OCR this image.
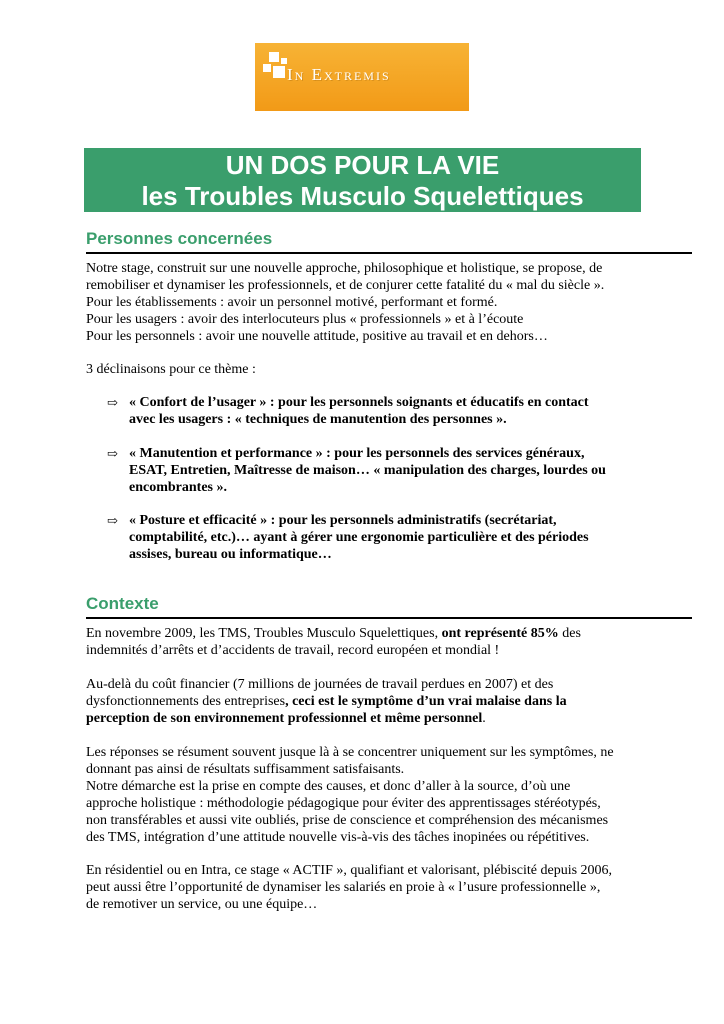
In Extremis
UN DOS POUR LA VIE
les Troubles Musculo Squelettiques
Personnes concernées

Notre stage, construit sur une nouvelle approche, philosophique et holistique, se propose, de

remobiliser et dynamiser les professionnels, et de conjurer cette fatalité du « mal du siècle ».

Pour les établissements : avoir un personnel motivé, performant et formé.

Pour les usagers : avoir des interlocuteurs plus « professionnels » et à l’écoute

Pour les personnels : avoir une nouvelle attitude, positive au travail et en dehors…

3 déclinaisons pour ce thème :

⇨ « Confort de l’usager » : pour les personnels soignants et éducatifs en contact

avec les usagers : « techniques de manutention des personnes ».

⇨ « Manutention et performance » : pour les personnels des services généraux,

ESAT, Entretien, Maîtresse de maison… « manipulation des charges, lourdes ou

encombrantes ».

⇨ « Posture et efficacité » : pour les personnels administratifs (secrétariat,

comptabilité, etc.)… ayant à gérer une ergonomie particulière et des périodes

assises, bureau ou informatique…

Contexte

En novembre 2009, les TMS, Troubles Musculo Squelettiques, ont représenté 85% des

indemnités d’arrêts et d’accidents de travail, record européen et mondial !

Au-delà du coût financier (7 millions de journées de travail perdues en 2007) et des

dysfonctionnements des entreprises, ceci est le symptôme d’un vrai malaise dans la

perception de son environnement professionnel et même personnel.

Les réponses se résument souvent jusque là à se concentrer uniquement sur les symptômes, ne

donnant pas ainsi de résultats suffisamment satisfaisants.

Notre démarche est la prise en compte des causes, et donc d’aller à la source, d’où une

approche holistique : méthodologie pédagogique pour éviter des apprentissages stéréotypés,

non transférables et aussi vite oubliés, prise de conscience et compréhension des mécanismes

des TMS, intégration d’une attitude nouvelle vis-à-vis des tâches inopinées ou répétitives.

En résidentiel ou en Intra, ce stage « ACTIF », qualifiant et valorisant, plébiscité depuis 2006,

peut aussi être l’opportunité de dynamiser les salariés en proie à « l’usure professionnelle »,

de remotiver un service, ou une équipe…
